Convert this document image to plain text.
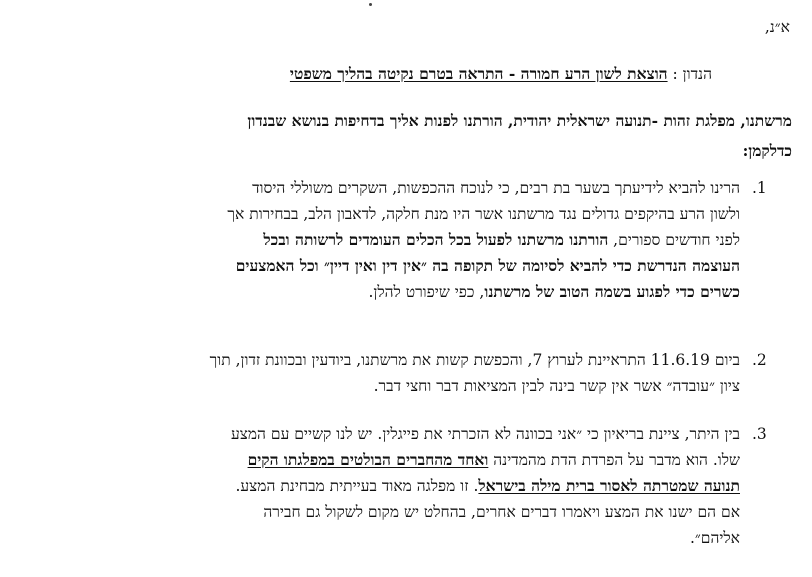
א״נ,
הנדון : הוצאת לשון הרע חמורה - התראה בטרם נקיטה בהליך משפטי
מרשתנו, מפלגת זהות -תנועה ישראלית יהודית, הורתנו לפנות אליך בדחיפות בנושא שבנדון
כדלקמן:
.1
הרינו להביא לידיעתך בשער בת רבים, כי לנוכח ההכפשות, השקרים משוללי היסוד
ולשון הרע בהיקפים גדולים נגד מרשתנו אשר היו מנת חלקה, לדאבון הלב, בבחירות אך
לפני חודשים ספורים, הורתנו מרשתנו לפעול בכל הכלים העומדים לרשותה ובכל
העוצמה הנדרשת כדי להביא לסיומה של תקופה בה ״אין דין ואין דיין״ וכל האמצעים
כשרים כדי לפגוע בשמה הטוב של מרשתנו, כפי שיפורט להלן.
.2
ביום 11.6.19 התראיינת לערוץ 7, והכפשת קשות את מרשתנו, ביודעין ובכוונת זדון, תוך
ציון ״עובדה״ אשר אין קשר בינה לבין המציאות דבר וחצי דבר.
.3
בין היתר, ציינת בריאיון כי ״אני בכוונה לא הזכרתי את פייגלין. יש לנו קשיים עם המצע
שלו. הוא מדבר על הפרדת הדת מהמדינה ואחד מהחברים הבולטים במפלגתו הקים
תנועה שמטרתה לאסור ברית מילה בישראל. זו מפלגה מאוד בעייתית מבחינת המצע.
אם הם ישנו את המצע ויאמרו דברים אחרים, בהחלט יש מקום לשקול גם חבירה
אליהם״.
